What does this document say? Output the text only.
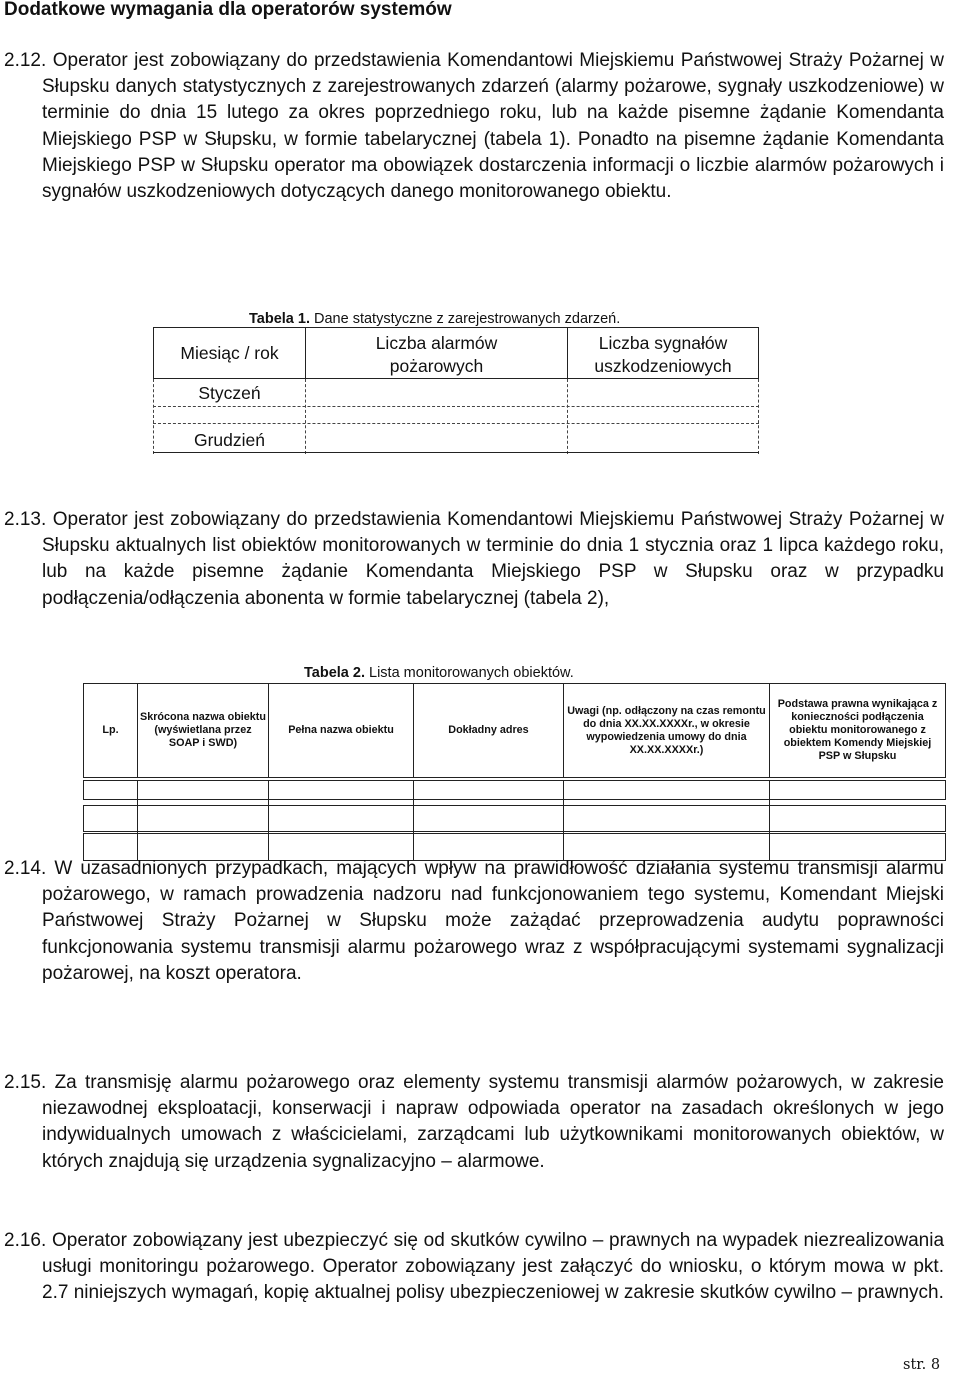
Dodatkowe wymagania dla operatorów systemów
2.12. Operator jest zobowiązany do przedstawienia Komendantowi Miejskiemu Państwowej Straży Pożarnej w Słupsku danych statystycznych z zarejestrowanych zdarzeń (alarmy pożarowe, sygnały uszkodzeniowe) w terminie do dnia 15 lutego za okres poprzedniego roku, lub na każde pisemne żądanie Komendanta Miejskiego PSP w Słupsku, w formie tabelarycznej (tabela 1). Ponadto na pisemne żądanie Komendanta Miejskiego PSP w Słupsku operator ma obowiązek dostarczenia informacji o liczbie alarmów pożarowych i sygnałów uszkodzeniowych dotyczących danego monitorowanego obiektu.
Tabela 1. Dane statystyczne z zarejestrowanych zdarzeń.
Miesiąc / rok	Liczba alarmów
pożarowych
Liczba sygnałów
uszkodzeniowych
Styczeń
Grudzień
2.13. Operator jest zobowiązany do przedstawienia Komendantowi Miejskiemu Państwowej Straży Pożarnej w Słupsku aktualnych list obiektów monitorowanych w terminie do dnia 1 stycznia oraz 1 lipca każdego roku, lub na każde pisemne żądanie Komendanta Miejskiego PSP w Słupsku oraz w przypadku podłączenia/odłączenia abonenta w formie tabelarycznej (tabela 2),
Tabela 2. Lista monitorowanych obiektów.
Lp.
Skrócona nazwa obiektu (wyświetlana przez SOAP i SWD)
Pełna nazwa obiektu	Dokładny adres
Uwagi (np. odłączony na czas remontu do dnia XX.XX.XXXXr., w okresie wypowiedzenia umowy do dnia XX.XX.XXXXr.)
Podstawa prawna wynikająca z konieczności podłączenia obiektu monitorowanego z obiektem Komendy Miejskiej PSP w Słupsku
2.14. W uzasadnionych przypadkach, mających wpływ na prawidłowość działania systemu transmisji alarmu pożarowego, w ramach prowadzenia nadzoru nad funkcjonowaniem tego systemu, Komendant Miejski Państwowej Straży Pożarnej w Słupsku może zażądać przeprowadzenia audytu poprawności funkcjonowania systemu transmisji alarmu pożarowego wraz z współpracującymi systemami sygnalizacji pożarowej, na koszt operatora.
2.15. Za transmisję alarmu pożarowego oraz elementy systemu transmisji alarmów pożarowych, w zakresie niezawodnej eksploatacji, konserwacji i napraw odpowiada operator na zasadach określonych w jego indywidualnych umowach z właścicielami, zarządcami lub użytkownikami monitorowanych obiektów, w których znajdują się urządzenia sygnalizacyjno – alarmowe.
2.16. Operator zobowiązany jest ubezpieczyć się od skutków cywilno – prawnych na wypadek niezrealizowania usługi monitoringu pożarowego. Operator zobowiązany jest załączyć do wniosku, o którym mowa w pkt. 2.7 niniejszych wymagań, kopię aktualnej polisy ubezpieczeniowej w zakresie skutków cywilno – prawnych.
str. 8
